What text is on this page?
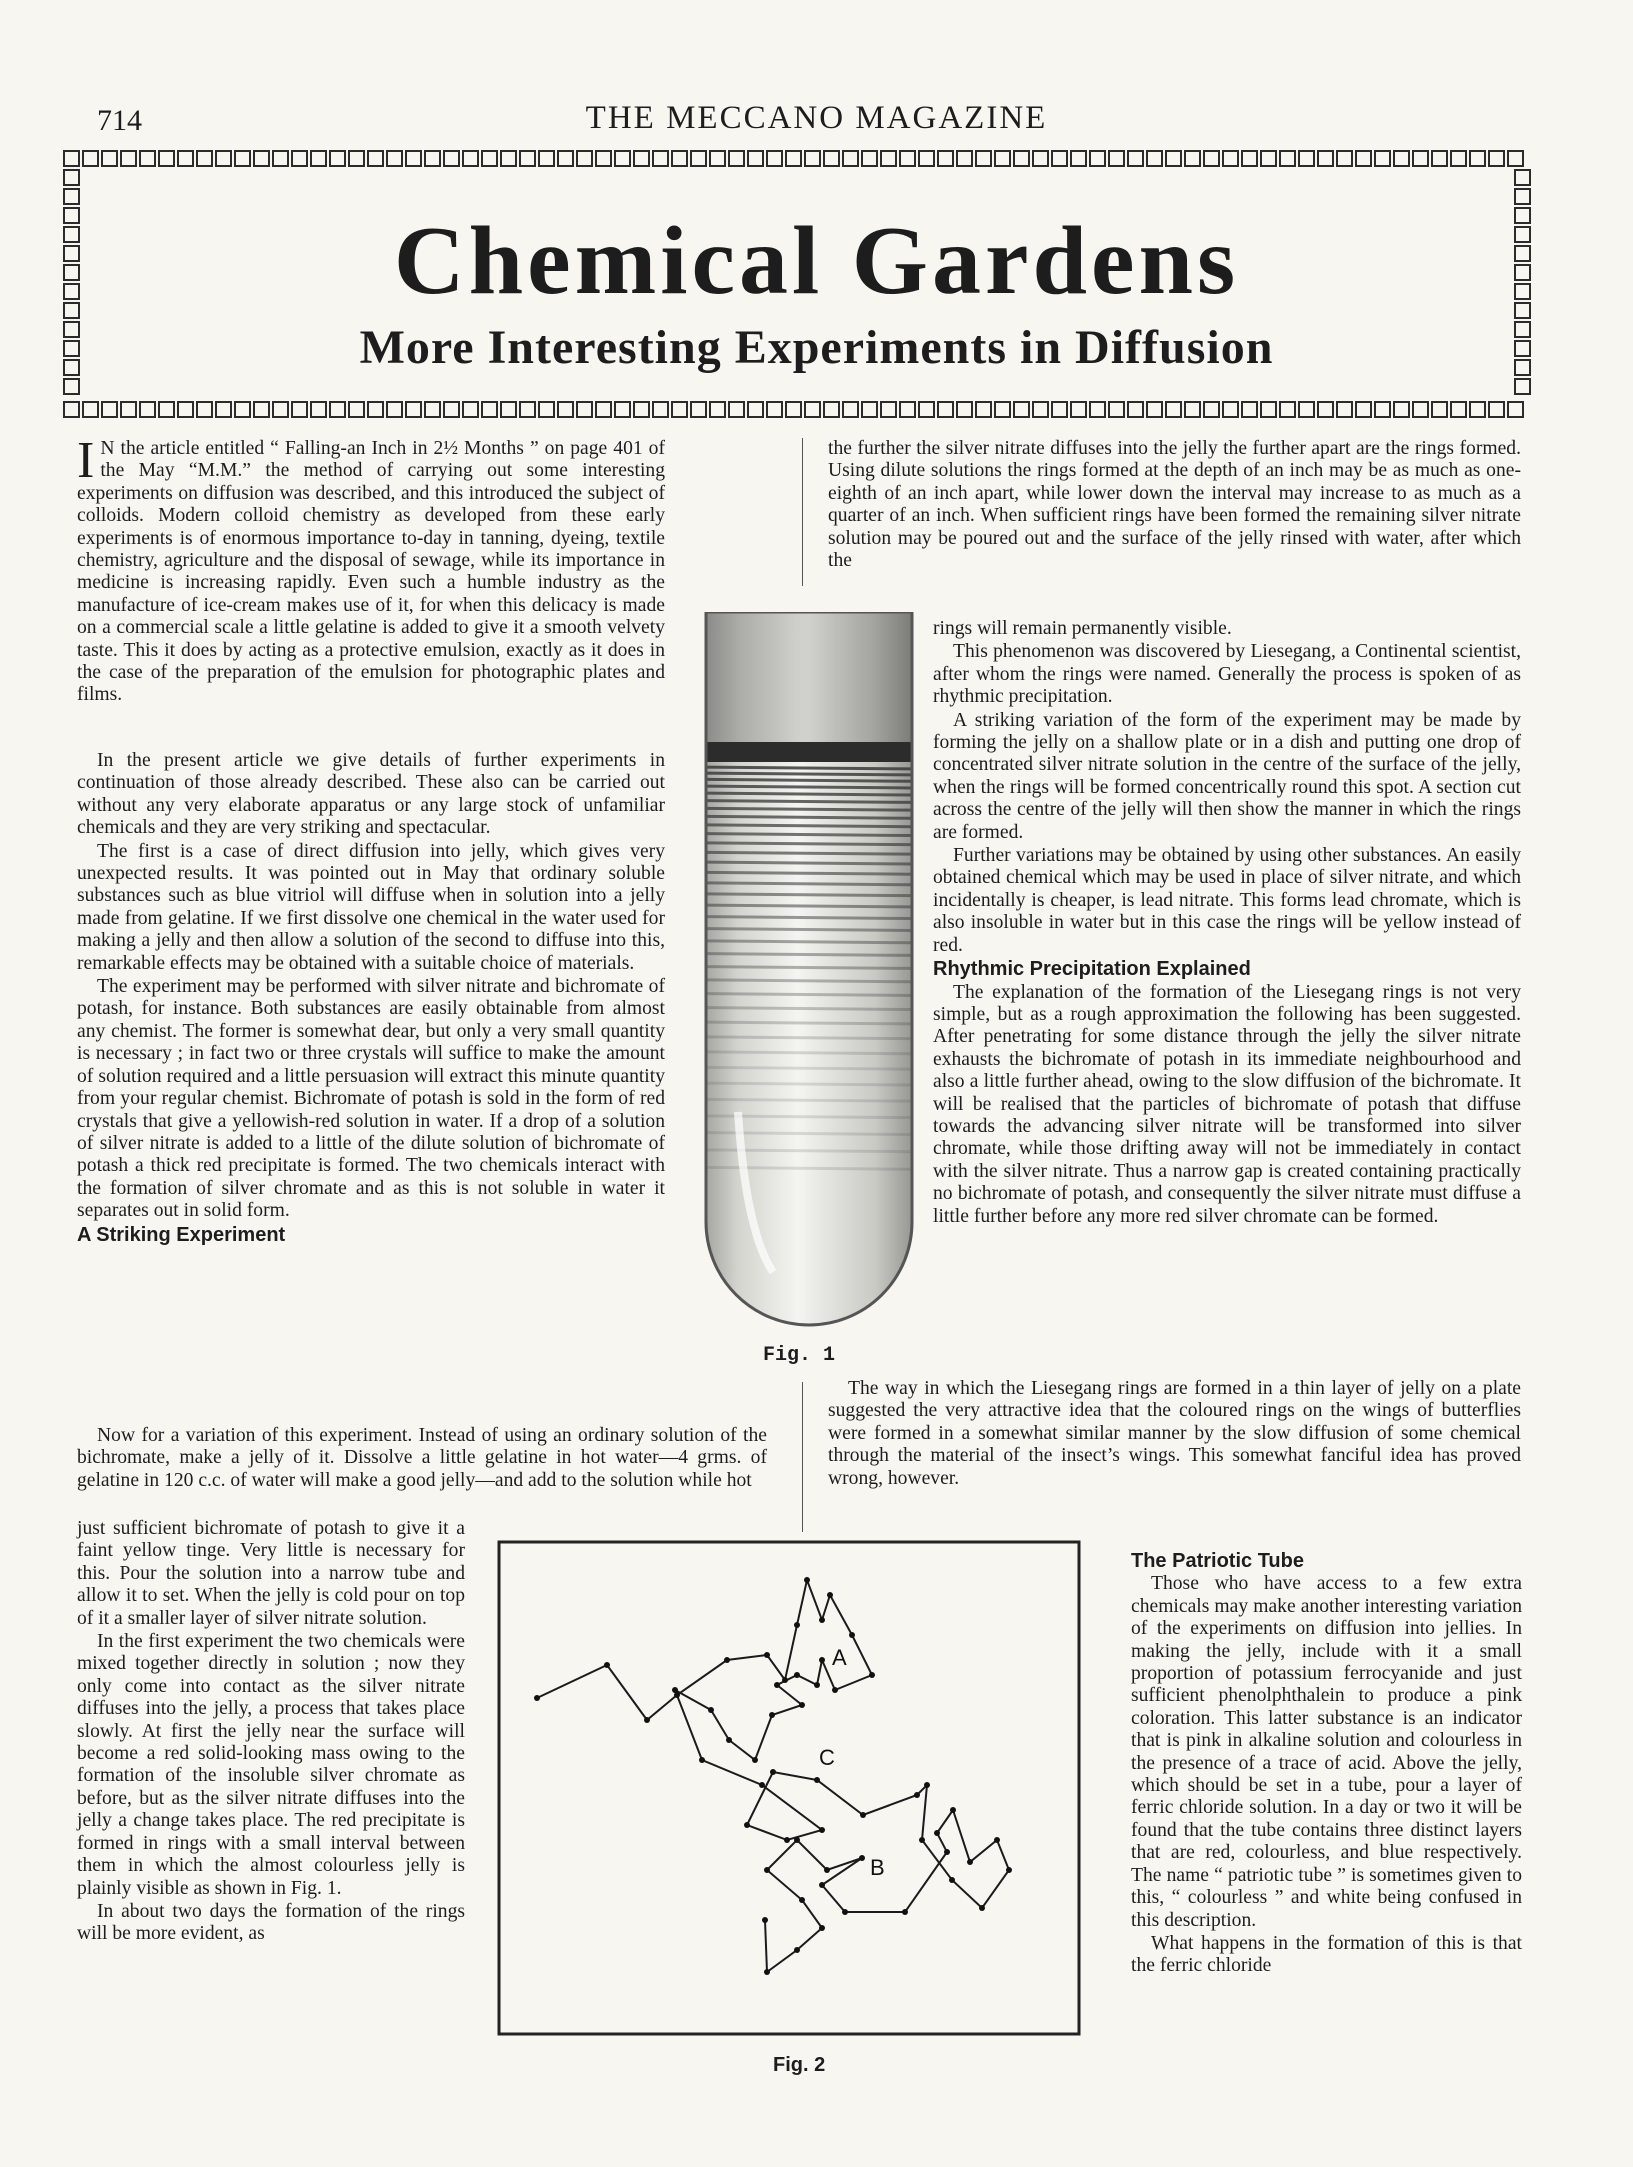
714	THE MECCANO MAGAZINE
Chemical Gardens
More Interesting Experiments in Diffusion

I N the article entitled “ Falling-an Inch in 2½ Months ” on page 401 of the May “M.M.” the method of carrying out some interesting experiments on diffusion was described, and this introduced the subject of colloids. Modern colloid chemistry as developed from these early experiments is of enormous importance to-day in tanning, dyeing, textile chemistry, agriculture and the disposal of sewage, while its importance in medicine is increasing rapidly. Even such a humble industry as the manufacture of ice-cream makes use of it, for when this delicacy is made on a commercial scale a little gelatine is added to give it a smooth velvety taste. This it does by acting as a protective emulsion, exactly as it does in the case of the preparation of the emulsion for photographic plates and films.

In the present article we give details of further experiments in continuation of those already described. These also can be carried out without any very elaborate apparatus or any large stock of unfamiliar chemicals and they are very striking and spectacular.

The first is a case of direct diffusion into jelly, which gives very unexpected results. It was pointed out in May that ordinary soluble substances such as blue vitriol will diffuse when in solution into a jelly made from gelatine. If we first dissolve one chemical in the water used for making a jelly and then allow a solution of the second to diffuse into this, remarkable effects may be obtained with a suitable choice of materials.

The experiment may be performed with silver nitrate and bichromate of potash, for instance. Both substances are easily obtainable from almost any chemist. The former is somewhat dear, but only a very small quantity is necessary ; in fact two or three crystals will suffice to make the amount of solution required and a little persuasion will extract this minute quantity from your regular chemist. Bichromate of potash is sold in the form of red crystals that give a yellowish-red solution in water. If a drop of a solution of silver nitrate is added to a little of the dilute solution of bichromate of potash a thick red precipitate is formed. The two chemicals interact with the formation of silver chromate and as this is not soluble in water it separates out in solid form.

A Striking Experiment

Now for a variation of this experiment. Instead of using an ordinary solution of the bichromate, make a jelly of it. Dissolve a little gelatine in hot water—4 grms. of gelatine in 120 c.c. of water will make a good jelly—and add to the solution while hot

just sufficient bichromate of potash to give it a faint yellow tinge. Very little is necessary for this. Pour the solution into a narrow tube and allow it to set. When the jelly is cold pour on top of it a smaller layer of silver nitrate solution.

In the first experiment the two chemicals were mixed together directly in solution ; now they only come into contact as the silver nitrate diffuses into the jelly, a process that takes place slowly. At first the jelly near the surface will become a red solid-looking mass owing to the formation of the insoluble silver chromate as before, but as the silver nitrate diffuses into the jelly a change takes place. The red precipitate is formed in rings with a small interval between them in which the almost colourless jelly is plainly visible as shown in Fig. 1.

In about two days the formation of the rings will be more evident, as

the further the silver nitrate diffuses into the jelly the further apart are the rings formed. Using dilute solutions the rings formed at the depth of an inch may be as much as one-eighth of an inch apart, while lower down the interval may increase to as much as a quarter of an inch. When sufficient rings have been formed the remaining silver nitrate solution may be poured out and the surface of the jelly rinsed with water, after which the

rings will remain permanently visible.

This phenomenon was discovered by Liesegang, a Continental scientist, after whom the rings were named. Generally the process is spoken of as rhythmic precipitation.

A striking variation of the form of the experiment may be made by forming the jelly on a shallow plate or in a dish and putting one drop of concentrated silver nitrate solution in the centre of the surface of the jelly, when the rings will be formed concentrically round this spot. A section cut across the centre of the jelly will then show the manner in which the rings are formed.

Further variations may be obtained by using other substances. An easily obtained chemical which may be used in place of silver nitrate, and which incidentally is cheaper, is lead nitrate. This forms lead chromate, which is also insoluble in water but in this case the rings will be yellow instead of red.

Rhythmic Precipitation Explained

The explanation of the formation of the Liesegang rings is not very simple, but as a rough approximation the following has been suggested. After penetrating for some distance through the jelly the silver nitrate exhausts the bichromate of potash in its immediate neighbourhood and also a little further ahead, owing to the slow diffusion of the bichromate. It will be realised that the particles of bichromate of potash that diffuse towards the advancing silver nitrate will be transformed into silver chromate, while those drifting away will not be immediately in contact with the silver nitrate. Thus a narrow gap is created containing practically no bichromate of potash, and consequently the silver nitrate must diffuse a little further before any more red silver chromate can be formed.

The way in which the Liesegang rings are formed in a thin layer of jelly on a plate suggested the very attractive idea that the coloured rings on the wings of butterflies were formed in a somewhat similar manner by the slow diffusion of some chemical through the material of the insect’s wings. This somewhat fanciful idea has proved wrong, however.

The Patriotic Tube

Those who have access to a few extra chemicals may make another interesting variation of the experiments on diffusion into jellies. In making the jelly, include with it a small proportion of potassium ferrocyanide and just sufficient phenolphthalein to produce a pink coloration. This latter substance is an indicator that is pink in alkaline solution and colourless in the presence of a trace of acid. Above the jelly, which should be set in a tube, pour a layer of ferric chloride solution. In a day or two it will be found that the tube contains three distinct layers that are red, colourless, and blue respectively. The name “ patriotic tube ” is sometimes given to this, “ colourless ” and white being confused in this description.

What happens in the formation of this is that the ferric chloride

Fig. 1
C
A
B
Fig. 2
